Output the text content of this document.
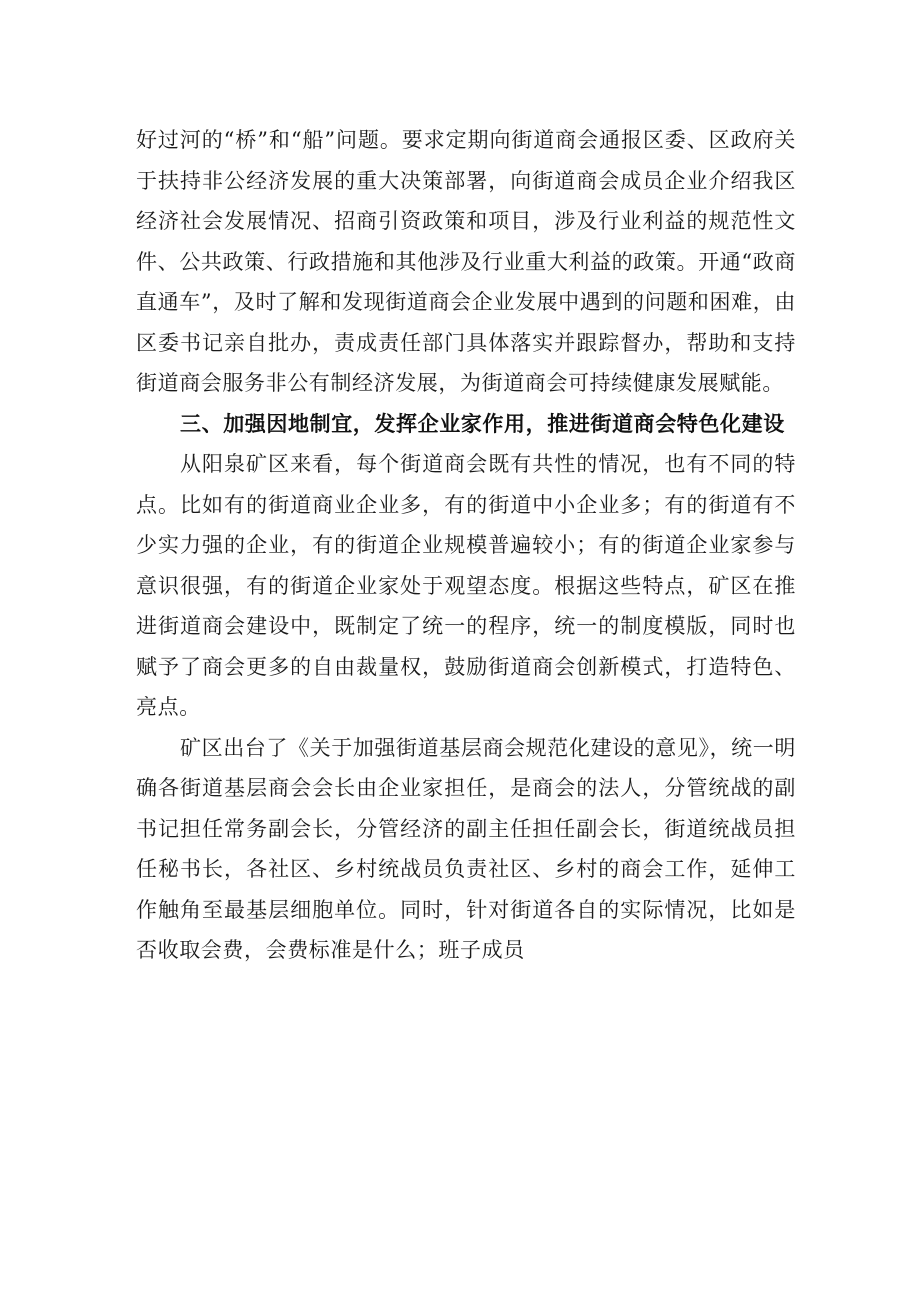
好过河的“桥”和“船”问题。要求定期向街道商会通报区委、区政府关于扶持非公经济发展的重大决策部署，向街道商会成员企业介绍我区经济社会发展情况、招商引资政策和项目，涉及行业利益的规范性文件、公共政策、行政措施和其他涉及行业重大利益的政策。开通“政商直通车”，及时了解和发现街道商会企业发展中遇到的问题和困难，由区委书记亲自批办，责成责任部门具体落实并跟踪督办，帮助和支持街道商会服务非公有制经济发展，为街道商会可持续健康发展赋能。

三、加强因地制宜，发挥企业家作用，推进街道商会特色化建设

从阳泉矿区来看，每个街道商会既有共性的情况，也有不同的特点。比如有的街道商业企业多，有的街道中小企业多；有的街道有不少实力强的企业，有的街道企业规模普遍较小；有的街道企业家参与意识很强，有的街道企业家处于观望态度。根据这些特点，矿区在推进街道商会建设中，既制定了统一的程序，统一的制度模版，同时也赋予了商会更多的自由裁量权，鼓励街道商会创新模式，打造特色、亮点。

矿区出台了《关于加强街道基层商会规范化建设的意见》，统一明确各街道基层商会会长由企业家担任，是商会的法人，分管统战的副书记担任常务副会长，分管经济的副主任担任副会长，街道统战员担任秘书长，各社区、乡村统战员负责社区、乡村的商会工作，延伸工作触角至最基层细胞单位。同时，针对街道各自的实际情况，比如是否收取会费，会费标准是什么；班子成员
